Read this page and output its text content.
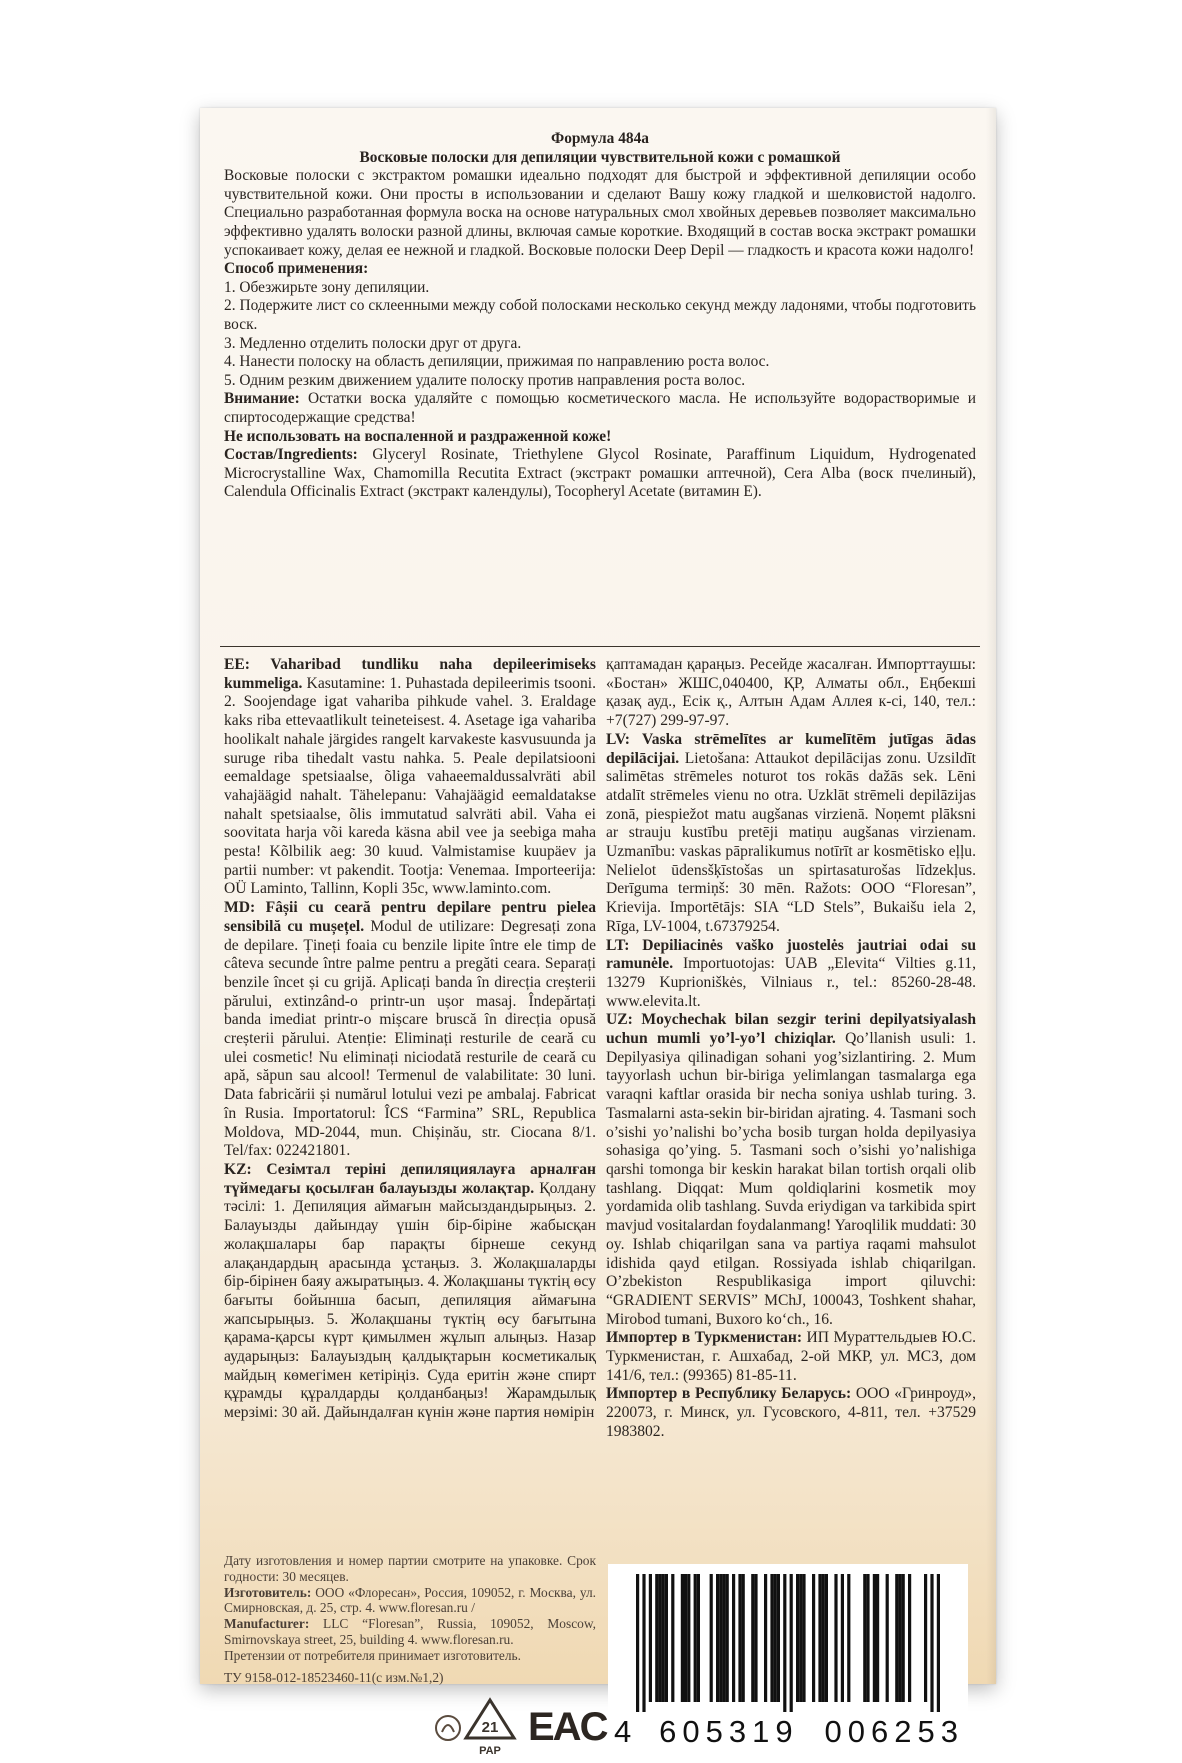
Формула 484а

Восковые полоски для депиляции чувствительной кожи с ромашкой

Восковые полоски с экстрактом ромашки идеально подходят для быстрой и эффективной депиляции особо чувствительной кожи. Они просты в использовании и сделают Вашу кожу гладкой и шелковистой надолго. Специально разработанная формула воска на основе натуральных смол хвойных деревьев позволяет максимально эффективно удалять волоски разной длины, включая самые короткие. Входящий в состав воска экстракт ромашки успокаивает кожу, делая ее нежной и гладкой. Восковые полоски Deep Depil — гладкость и красота кожи надолго!

Способ применения:

1. Обезжирьте зону депиляции.

2. Подержите лист со склеенными между собой полосками несколько секунд между ладонями, чтобы подготовить воск.

3. Медленно отделить полоски друг от друга.

4. Нанести полоску на область депиляции, прижимая по направлению роста волос.

5. Одним резким движением удалите полоску против направления роста волос.

Внимание: Остатки воска удаляйте с помощью косметического масла. Не используйте водорастворимые и спиртосодержащие средства!

Не использовать на воспаленной и раздраженной коже!

Состав/Ingredients: Glyceryl Rosinate, Triethylene Glycol Rosinate, Paraffinum Liquidum, Hydrogenated Microcrystalline Wax, Chamomilla Recutita Extract (экстракт ромашки аптечной), Cera Alba (воск пчелиный), Calendula Officinalis Extract (экстракт календулы), Tocopheryl Acetate (витамин Е).

EE: Vaharibad tundliku naha depileerimiseks kummeliga. Kasutamine: 1. Puhastada depileerimis tsooni. 2. Soojendage igat vahariba pihkude vahel. 3. Eraldage kaks riba ettevaatlikult teineteisest. 4. Asetage iga vahariba hoolikalt nahale järgides rangelt karvakeste kasvusuunda ja suruge riba tihedalt vastu nahka. 5. Peale depilatsiooni eemaldage spetsiaalse, õliga vahaeemaldussalvräti abil vahajäägid nahalt. Tähelepanu: Vahajäägid eemaldatakse nahalt spetsiaalse, õlis immutatud salvräti abil. Vaha ei soovitata harja või kareda käsna abil vee ja seebiga maha pesta! Kõlbilik aeg: 30 kuud. Valmistamise kuupäev ja partii number: vt pakendit. Tootja: Venemaa. Importeerija: OÜ Laminto, Tallinn, Kopli 35c, www.laminto.com.

MD: Fâșii cu ceară pentru depilare pentru pielea sensibilă cu mușețel. Modul de utilizare: Degresați zona de depilare. Țineți foaia cu benzile lipite între ele timp de câteva secunde între palme pentru a pregăti ceara. Separați benzile încet și cu grijă. Aplicați banda în direcția creșterii părului, extinzând-o printr-un ușor masaj. Îndepărtați banda imediat printr-o mișcare bruscă în direcția opusă creșterii părului. Atenție: Eliminați resturile de ceară cu ulei cosmetic! Nu eliminați niciodată resturile de ceară cu apă, săpun sau alcool! Termenul de valabilitate: 30 luni. Data fabricării și numărul lotului vezi pe ambalaj. Fabricat în Rusia. Importatorul: ÎCS “Farmina” SRL, Republica Moldova, MD-2044, mun. Chișinău, str. Ciocana 8/1. Tel/fax: 022421801.

KZ: Сезімтал теріні депиляциялауға арналған түймедағы қосылған балауызды жолақтар. Қолдану тәсілі: 1. Депиляция аймағын майсыздандырыңыз. 2. Балауызды дайындау үшін бір-біріне жабысқан жолақшалары бар парақты бірнеше секунд алақандардың арасында ұстаңыз. 3. Жолақшаларды бір-бірінен баяу ажыратыңыз. 4. Жолақшаны түктің өсу бағыты бойынша басып, депиляция аймағына жапсырыңыз. 5. Жолақшаны түктің өсу бағытына қарама-қарсы күрт қимылмен жұлып алыңыз. Назар аударыңыз: Балауыздың қалдықтарын косметикалық майдың көмегімен кетіріңіз. Суда еритін және спирт құрамды құралдарды қолданбаңыз! Жарамдылық мерзімі: 30 ай. Дайындалған күнін және партия нөмірін

қаптамадан қараңыз. Ресейде жасалған. Импорттаушы: «Бостан» ЖШС,040400, ҚР, Алматы обл., Еңбекші қазақ ауд., Есік қ., Алтын Адам Аллея к-сі, 140, тел.: +7(727) 299-97-97.

LV: Vaska strēmelītes ar kumelītēm jutīgas ādas depilācijai. Lietošana: Attaukot depilācijas zonu. Uzsildīt salimētas strēmeles noturot tos rokās dažās sek. Lēni atdalīt strēmeles vienu no otra. Uzklāt strēmeli depilāzijas zonā, piespiežot matu augšanas virzienā. Noņemt plāksni ar strauju kustību pretēji matiņu augšanas virzienam. Uzmanību: vaskas pāpralikumus notīrīt ar kosmētisko eļļu. Nelielot ūdensšķīstošas un spirtasaturošas līdzekļus. Derīguma termiņš: 30 mēn. Ražots: OOO “Floresan”, Krievija. Importētājs: SIA “LD Stels”, Bukaišu iela 2, Rīga, LV-1004, t.67379254.

LT: Depiliacinės vaško juostelės jautriai odai su ramunėle. Importuotojas: UAB „Elevita“ Vilties g.11, 13279 Kuprioniškės, Vilniaus r., tel.: 85260-28-48. www.elevita.lt.

UZ: Moychechak bilan sezgir terini depilyatsiyalash uchun mumli yo’l-yo’l chiziqlar. Qo’llanish usuli: 1. Depilyasiya qilinadigan sohani yog’sizlantiring. 2. Mum tayyorlash uchun bir-biriga yelimlangan tasmalarga ega varaqni kaftlar orasida bir necha soniya ushlab turing. 3. Tasmalarni asta-sekin bir-biridan ajrating. 4. Tasmani soch o’sishi yo’nalishi bo’ycha bosib turgan holda depilyasiya sohasiga qo’ying. 5. Tasmani soch o’sishi yo’nalishiga qarshi tomonga bir keskin harakat bilan tortish orqali olib tashlang. Diqqat: Mum qoldiqlarini kosmetik moy yordamida olib tashlang. Suvda eriydigan va tarkibida spirt mavjud vositalardan foydalanmang! Yaroqlilik muddati: 30 oy. Ishlab chiqarilgan sana va partiya raqami mahsulot idishida qayd etilgan. Rossiyada ishlab chiqarilgan. O’zbekiston Respublikasiga import qiluvchi: “GRADIENT SERVIS” MChJ, 100043, Toshkent shahar, Mirobod tumani, Buxoro ko‘ch., 16.

Импортер в Туркменистан: ИП Мураттельдыев Ю.С. Туркменистан, г. Ашхабад, 2-ой МКР, ул. МСЗ, дом 141/6, тел.: (99365) 81-85-11.

Импортер в Республику Беларусь: ООО «Гринроуд», 220073, г. Минск, ул. Гусовского, 4-811, тел. +37529 1983802.

Дату изготовления и номер партии смотрите на упаковке. Срок годности: 30 месяцев.

Изготовитель: ООО «Флоресан», Россия, 109052, г. Москва, ул. Смирновская, д. 25, стр. 4. www.floresan.ru /

Manufacturer: LLC “Floresan”, Russia, 109052, Moscow, Smirnovskaya street, 25, building 4. www.floresan.ru.

Претензии от потребителя принимает изготовитель.

ТУ 9158-012-18523460-11(с изм.№1,2)

21
PAP
EAC 4 605319 006253
